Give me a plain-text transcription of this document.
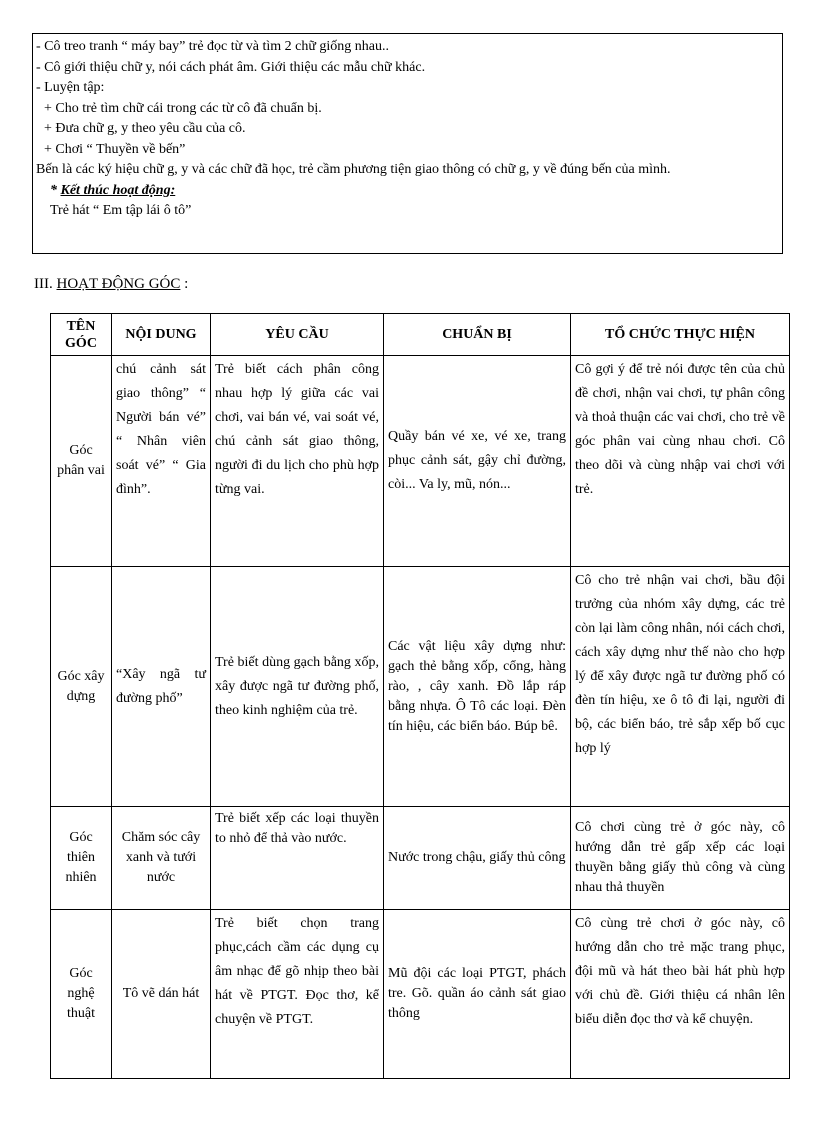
- Cô treo tranh “ máy bay” trẻ đọc từ và tìm 2 chữ giống nhau..
- Cô giới thiệu chữ y, nói cách phát âm. Giới thiệu các mẫu chữ khác.
- Luyện tập:
+ Cho trẻ tìm chữ cái trong các từ cô đã chuẩn bị.
+ Đưa chữ g, y theo yêu cầu của cô.
+ Chơi “ Thuyền về bến”
Bến là các ký hiệu chữ g, y và các chữ đã học, trẻ cầm phương tiện giao thông có chữ g, y về đúng bến của mình.
* Kết thúc hoạt động:
Trẻ hát “ Em tập lái ô tô”
III. HOẠT ĐỘNG GÓC :
TÊN GÓC	NỘI DUNG	YÊU CẦU	CHUẨN BỊ	TỔ CHỨC THỰC HIỆN
Góc phân vai	chú cảnh sát giao thông” “ Người bán vé” “ Nhân viên soát vé” “ Gia đình”.	Trẻ biết cách phân công nhau hợp lý giữa các vai chơi, vai bán vé, vai soát vé, chú cảnh sát giao thông, người đi du lịch cho phù hợp từng vai.	Quầy bán vé xe, vé xe, trang phục cảnh sát, gậy chỉ đường, còi... Va ly, mũ, nón...	Cô gợi ý để trẻ nói được tên của chủ đề chơi, nhận vai chơi, tự phân công và thoả thuận các vai chơi, cho trẻ về góc phân vai cùng nhau chơi. Cô theo dõi và cùng nhập vai chơi với trẻ.
Góc xây dựng	“Xây ngã tư đường phố”	Trẻ biết dùng gạch bằng xốp, xây được ngã tư đường phố, theo kinh nghiệm của trẻ.	Các vật liệu xây dựng như: gạch thẻ bằng xốp, cổng, hàng rào, , cây xanh. Đồ lắp ráp bằng nhựa. Ô Tô các loại. Đèn tín hiệu, các biển báo. Búp bê.	Cô cho trẻ nhận vai chơi, bầu đội trưởng của nhóm xây dựng, các trẻ còn lại làm công nhân, nói cách chơi, cách xây dựng như thế nào cho hợp lý để xây được ngã tư đường phố có đèn tín hiệu, xe ô tô đi lại, người đi bộ, các biển báo, trẻ sắp xếp bố cục hợp lý
Góc thiên nhiên	Chăm sóc cây xanh và tưới nước	Trẻ biết xếp các loại thuyền to nhỏ để thả vào nước.	Nước trong chậu, giấy thủ công	Cô chơi cùng trẻ ở góc này, cô hướng dẫn trẻ gấp xếp các loại thuyền bằng giấy thủ công và cùng nhau thả thuyền
Góc nghệ thuật	Tô vẽ dán hát	Trẻ biết chọn trang phục,cách cầm các dụng cụ âm nhạc để gõ nhịp theo bài hát về PTGT. Đọc thơ, kể chuyện về PTGT.	Mũ đội các loại PTGT, phách tre. Gõ. quần áo cảnh sát giao thông	Cô cùng trẻ chơi ở góc này, cô hướng dẫn cho trẻ mặc trang phục, đội mũ và hát theo bài hát phù hợp với chủ đề. Giới thiệu cá nhân lên biểu diễn đọc thơ và kể chuyện.
